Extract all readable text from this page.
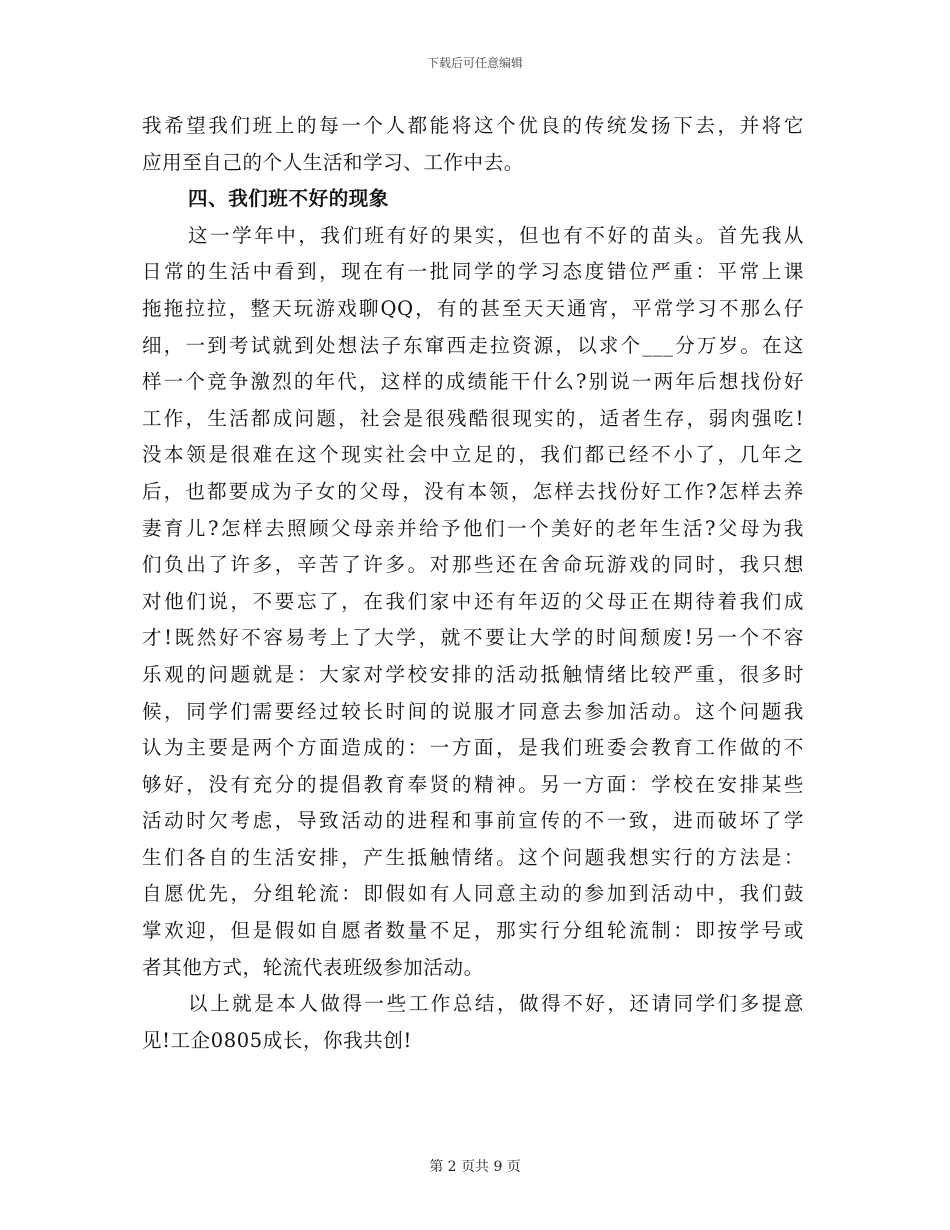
下载后可任意编辑
我希望我们班上的每一个人都能将这个优良的传统发扬下去，并将它
应用至自己的个人生活和学习、工作中去。
四、我们班不好的现象
这一学年中，我们班有好的果实，但也有不好的苗头。首先我从
日常的生活中看到，现在有一批同学的学习态度错位严重：平常上课
拖拖拉拉，整天玩游戏聊QQ，有的甚至天天通宵，平常学习不那么仔
细，一到考试就到处想法子东窜西走拉资源，以求个___分万岁。在这
样一个竞争激烈的年代，这样的成绩能干什么?别说一两年后想找份好
工作，生活都成问题，社会是很残酷很现实的，适者生存，弱肉强吃!
没本领是很难在这个现实社会中立足的，我们都已经不小了，几年之
后，也都要成为子女的父母，没有本领，怎样去找份好工作?怎样去养
妻育儿?怎样去照顾父母亲并给予他们一个美好的老年生活?父母为我
们负出了许多，辛苦了许多。对那些还在舍命玩游戏的同时，我只想
对他们说，不要忘了，在我们家中还有年迈的父母正在期待着我们成
才!既然好不容易考上了大学，就不要让大学的时间颓废!另一个不容
乐观的问题就是：大家对学校安排的活动抵触情绪比较严重，很多时
候，同学们需要经过较长时间的说服才同意去参加活动。这个问题我
认为主要是两个方面造成的：一方面，是我们班委会教育工作做的不
够好，没有充分的提倡教育奉贤的精神。另一方面：学校在安排某些
活动时欠考虑，导致活动的进程和事前宣传的不一致，进而破坏了学
生们各自的生活安排，产生抵触情绪。这个问题我想实行的方法是：
自愿优先，分组轮流：即假如有人同意主动的参加到活动中，我们鼓
掌欢迎，但是假如自愿者数量不足，那实行分组轮流制：即按学号或
者其他方式，轮流代表班级参加活动。
以上就是本人做得一些工作总结，做得不好，还请同学们多提意
见!工企0805成长，你我共创!
第 2 页共 9 页
